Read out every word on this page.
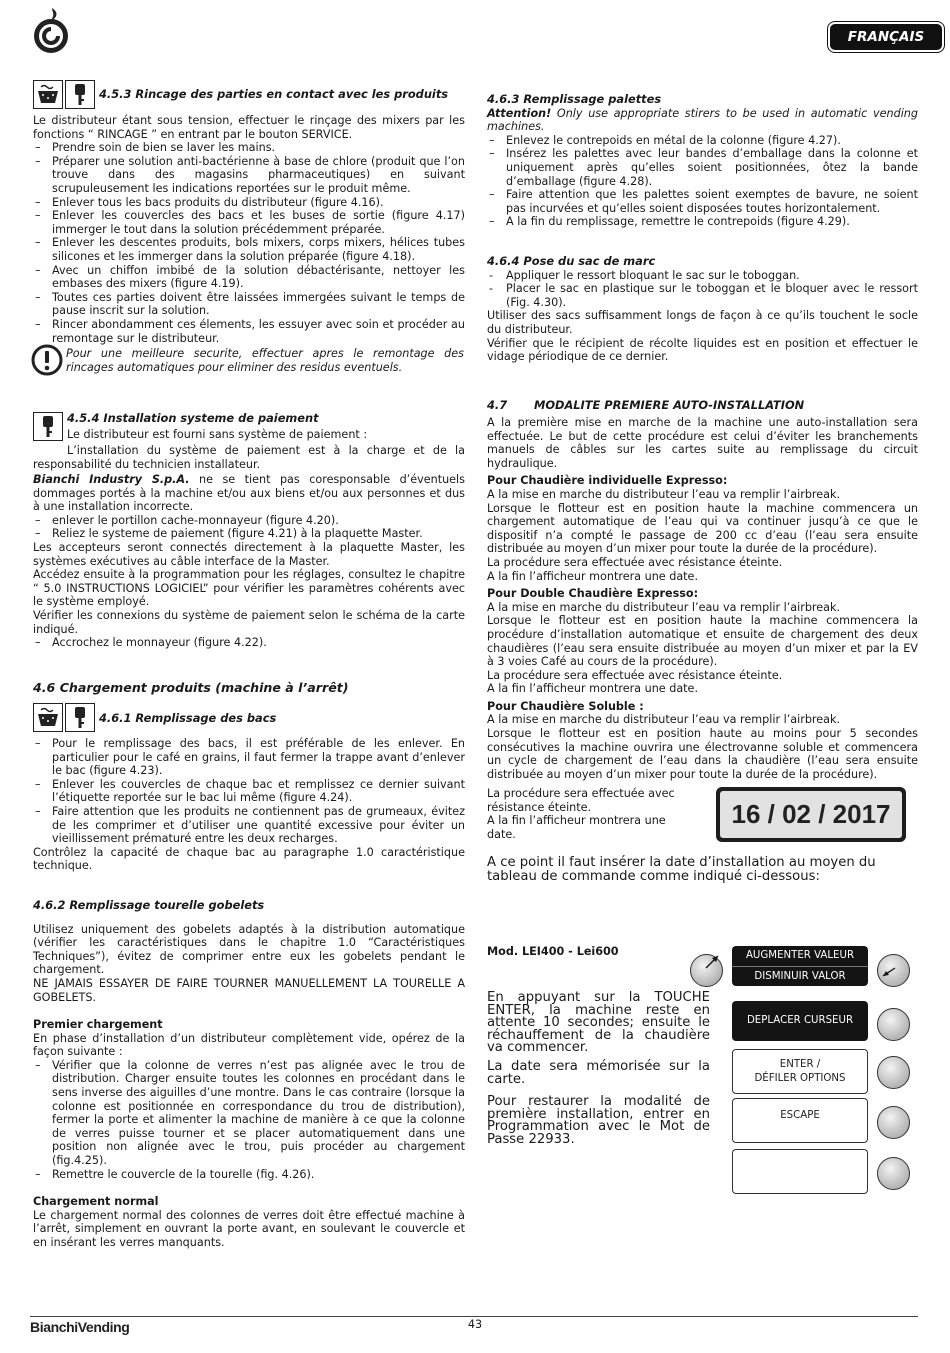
FRANÇAIS
4.5.3 Rincage des parties en contact avec les produits

Le distributeur étant sous tension, effectuer le rinçage des mixers par les fonctions “ RINCAGE ” en entrant par le bouton SERVICE.

– Prendre soin de bien se laver les mains.
– Préparer une solution anti-bactérienne à base de chlore (produit que l’on trouve dans des magasins pharmaceutiques) en suivant scrupuleusement les indications reportées sur le produit même.
– Enlever tous les bacs produits du distributeur (figure 4.16).
– Enlever les couvercles des bacs et les buses de sortie (figure 4.17) immerger le tout dans la solution précédemment préparée.
– Enlever les descentes produits, bols mixers, corps mixers, hélices tubes silicones et les immerger dans la solution préparée (figure 4.18).
– Avec un chiffon imbibé de la solution débactérisante, nettoyer les embases des mixers (figure 4.19).
– Toutes ces parties doivent être laissées immergées suivant le temps de pause inscrit sur la solution.
– Rincer abondamment ces élements, les essuyer avec soin et procéder au remontage sur le distributeur.
Pour une meilleure securite, effectuer apres le remontage des rincages automatiques pour eliminer des residus eventuels.
4.5.4 Installation systeme de paiement
Le distributeur est fourni sans système de paiement :
L’installation du système de paiement est à la charge et de la responsabilité du technicien installateur.

Bianchi Industry S.p.A. ne se tient pas coresponsable d’éventuels dommages portés à la machine et/ou aux biens et/ou aux personnes et dus à une installation incorrecte.

– enlever le portillon cache-monnayeur (figure 4.20).
– Reliez le systeme de paiement (figure 4.21) à la plaquette Master.

Les accepteurs seront connectés directement à la plaquette Master, les systèmes exécutives au câble interface de la Master.

Accédez ensuite à la programmation pour les réglages, consultez le chapitre “ 5.0 INSTRUCTIONS LOGICIEL” pour vérifier les paramètres cohérents avec le système employé.

Vérifier les connexions du système de paiement selon le schéma de la carte indiqué.

– Accrochez le monnayeur (figure 4.22).
4.6 Chargement produits (machine à l’arrêt)
4.6.1 Remplissage des bacs
– Pour le remplissage des bacs, il est préférable de les enlever. En particulier pour le café en grains, il faut fermer la trappe avant d’enlever le bac (figure 4.23).
– Enlever les couvercles de chaque bac et remplissez ce dernier suivant l’étiquette reportée sur le bac lui même (figure 4.24).
– Faire attention que les produits ne contiennent pas de grumeaux, évitez de les comprimer et d’utiliser une quantité excessive pour éviter un vieillissement prématuré entre les deux recharges.

Contrôlez la capacité de chaque bac au paragraphe 1.0 caractéristique technique.

4.6.2 Remplissage tourelle gobelets

Utilisez uniquement des gobelets adaptés à la distribution automatique (vérifier les caractéristiques dans le chapitre 1.0 “Caractéristiques Techniques”), évitez de comprimer entre eux les gobelets pendant le chargement.

NE JAMAIS ESSAYER DE FAIRE TOURNER MANUELLEMENT LA TOURELLE A GOBELETS.

Premier chargement

En phase d’installation d’un distributeur complètement vide, opérez de la façon suivante :

– Vérifier que la colonne de verres n’est pas alignée avec le trou de distribution. Charger ensuite toutes les colonnes en procédant dans le sens inverse des aiguilles d’une montre. Dans le cas contraire (lorsque la colonne est positionnée en correspondance du trou de distribution), fermer la porte et alimenter la machine de manière à ce que la colonne de verres puisse tourner et se placer automatiquement dans une position non alignée avec le trou, puis procéder au chargement (fig.4.25).
– Remettre le couvercle de la tourelle (fig. 4.26).

Chargement normal

Le chargement normal des colonnes de verres doit être effectué machine à l’arrêt, simplement en ouvrant la porte avant, en soulevant le couvercle et en insérant les verres manquants.

4.6.3 Remplissage palettes

Attention! Only use appropriate stirers to be used in automatic vending machines.

– Enlevez le contrepoids en métal de la colonne (figure 4.27).
– Insérez les palettes avec leur bandes d’emballage dans la colonne et uniquement après qu’elles soient positionnées, ôtez la bande d’emballage (figure 4.28).
– Faire attention que les palettes soient exemptes de bavure, ne soient pas incurvées et qu’elles soient disposées toutes horizontalement.
– A la fin du remplissage, remettre le contrepoids (figure 4.29).

4.6.4 Pose du sac de marc

- Appliquer le ressort bloquant le sac sur le toboggan.
- Placer le sac en plastique sur le toboggan et le bloquer avec le ressort (Fig. 4.30).

Utiliser des sacs suffisamment longs de façon à ce qu’ils touchent le socle du distributeur.

Vérifier que le récipient de récolte liquides est en position et effectuer le vidage périodique de ce dernier.

4.7 MODALITE PREMIERE AUTO-INSTALLATION

A la première mise en marche de la machine une auto-installation sera effectuée. Le but de cette procédure est celui d’éviter les branchements manuels de câbles sur les cartes suite au remplissage du circuit hydraulique.

Pour Chaudière individuelle Expresso:

A la mise en marche du distributeur l’eau va remplir l’airbreak.

Lorsque le flotteur est en position haute la machine commencera un chargement automatique de l’eau qui va continuer jusqu’à ce que le dispositif n’a compté le passage de 200 cc d’eau (l’eau sera ensuite distribuée au moyen d’un mixer pour toute la durée de la procédure).

La procédure sera effectuée avec résistance éteinte.

A la fin l’afficheur montrera une date.

Pour Double Chaudière Expresso:

A la mise en marche du distributeur l’eau va remplir l’airbreak.

Lorsque le flotteur est en position haute la machine commencera la procédure d’installation automatique et ensuite de chargement des deux chaudières (l’eau sera ensuite distribuée au moyen d’un mixer et par la EV à 3 voies Café au cours de la procédure).

La procédure sera effectuée avec résistance éteinte.

A la fin l’afficheur montrera une date.

Pour Chaudière Soluble :

A la mise en marche du distributeur l’eau va remplir l’airbreak.

Lorsque le flotteur est en position haute au moins pour 5 secondes consécutives la machine ouvrira une électrovanne soluble et commencera un cycle de chargement de l’eau dans la chaudière (l’eau sera ensuite distribuée au moyen d’un mixer pour toute la durée de la procédure).

La procédure sera effectuée avec résistance éteinte.

A la fin l’afficheur montrera une date.

16 / 02 / 2017
A ce point il faut insérer la date d’installation au moyen du tableau de commande comme indiqué ci-dessous:
Mod. LEI400 - Lei600

En appuyant sur la TOUCHE ENTER, la machine reste en attente 10 secondes; ensuite le réchauffement de la chaudière va commencer.

La date sera mémorisée sur la carte.

Pour restaurer la modalité de première installation, entrer en Programmation avec le Mot de Passe 22933.

AUGMENTER VALEUR
DISMINUIR VALOR
DEPLACER CURSEUR
ENTER /
DÉFILER OPTIONS
ESCAPE
BianchiVending	43
